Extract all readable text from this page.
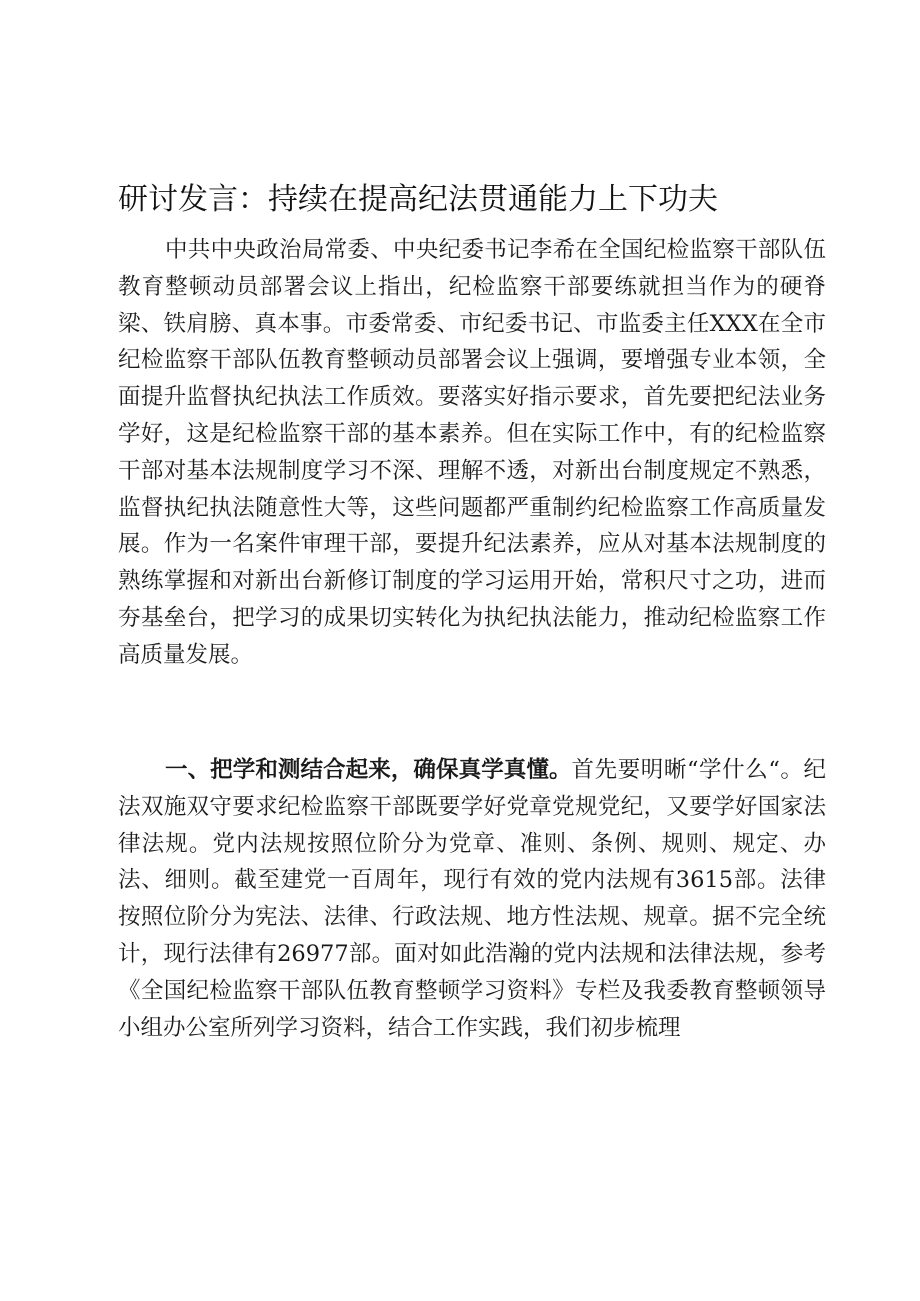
研讨发言：持续在提高纪法贯通能力上下功夫

中共中央政治局常委、中央纪委书记李希在全国纪检监察干部队伍教育整顿动员部署会议上指出，纪检监察干部要练就担当作为的硬脊梁、铁肩膀、真本事。市委常委、市纪委书记、市监委主任XXX在全市纪检监察干部队伍教育整顿动员部署会议上强调，要增强专业本领，全面提升监督执纪执法工作质效。要落实好指示要求，首先要把纪法业务学好，这是纪检监察干部的基本素养。但在实际工作中，有的纪检监察干部对基本法规制度学习不深、理解不透，对新出台制度规定不熟悉，监督执纪执法随意性大等，这些问题都严重制约纪检监察工作高质量发展。作为一名案件审理干部，要提升纪法素养，应从对基本法规制度的熟练掌握和对新出台新修订制度的学习运用开始，常积尺寸之功，进而夯基垒台，把学习的成果切实转化为执纪执法能力，推动纪检监察工作高质量发展。

一、把学和测结合起来，确保真学真懂。首先要明晰“学什么“。纪法双施双守要求纪检监察干部既要学好党章党规党纪，又要学好国家法律法规。党内法规按照位阶分为党章、准则、条例、规则、规定、办法、细则。截至建党一百周年，现行有效的党内法规有3615部。法律按照位阶分为宪法、法律、行政法规、地方性法规、规章。据不完全统计，现行法律有26977部。面对如此浩瀚的党内法规和法律法规，参考《全国纪检监察干部队伍教育整顿学习资料》专栏及我委教育整顿领导小组办公室所列学习资料，结合工作实践，我们初步梳理
